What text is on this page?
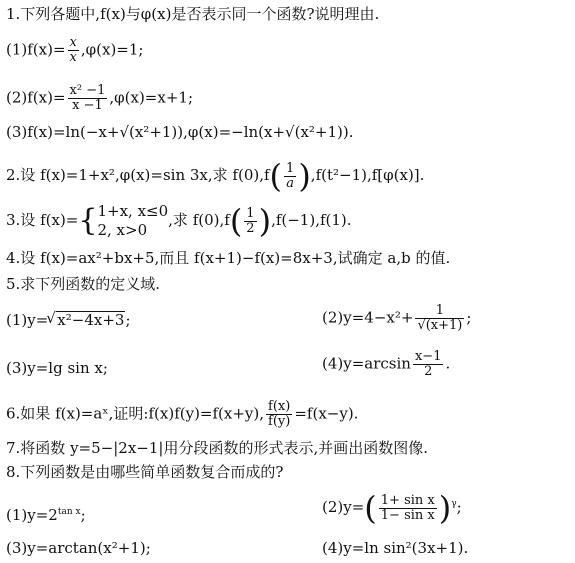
1.下列各题中,f(x)与φ(x)是否表示同一个函数?说明理由.
$(1)f(x)= \frac{x}{x} ,\varphi(x)=1$;
$(2)f(x)= \frac{\text{x² −1}}{x -1} ,\varphi(x)=x+1$;
(3)f(x)=ln(−x+√(x²+1)),φ(x)=−ln(x+√(x²+1)).
2.设 f(x)=1+x²,φ(x)=sin 3x,求 $f(0),f( \frac{1}{a} ),f(t^2-1),f[\varphi(x)]$.
3.设 f(x)={ 1+x, x≤0
2, x>0
,求 $f(0),f( \frac{1}{2} ),f(-1),f(1)$.
4.设 f(x)=ax²+bx+5,而且 f(x+1)−f(x)=8x+3,试确定 a,b 的值.
5.求下列函数的定义域.
(1)y=√ x²−4x+3;	$(2)y=4-x^2+ \frac{1}{√(x+1)}$ ;
(3)y=lg sin x;	$(4)y=\arcsin \frac{x-1}{2}$ .
6.如果 f(x)=aˣ,证明:f(x)f(y)=f(x+y), $\frac{f(x)}{f(y)} =f(x-y)$.
7.将函数 y=5−|2x−1|用分段函数的形式表示,并画出函数图像.
8.下列函数是由哪些简单函数复合而成的?
$(1)y=2^{tan x}$;	$(2)y=( \frac{\text{1+ sin x}}{\text{1− sin x}} )^\gamma$;
(3)y=arctan(x²+1);	(4)y=ln sin²(3x+1).
